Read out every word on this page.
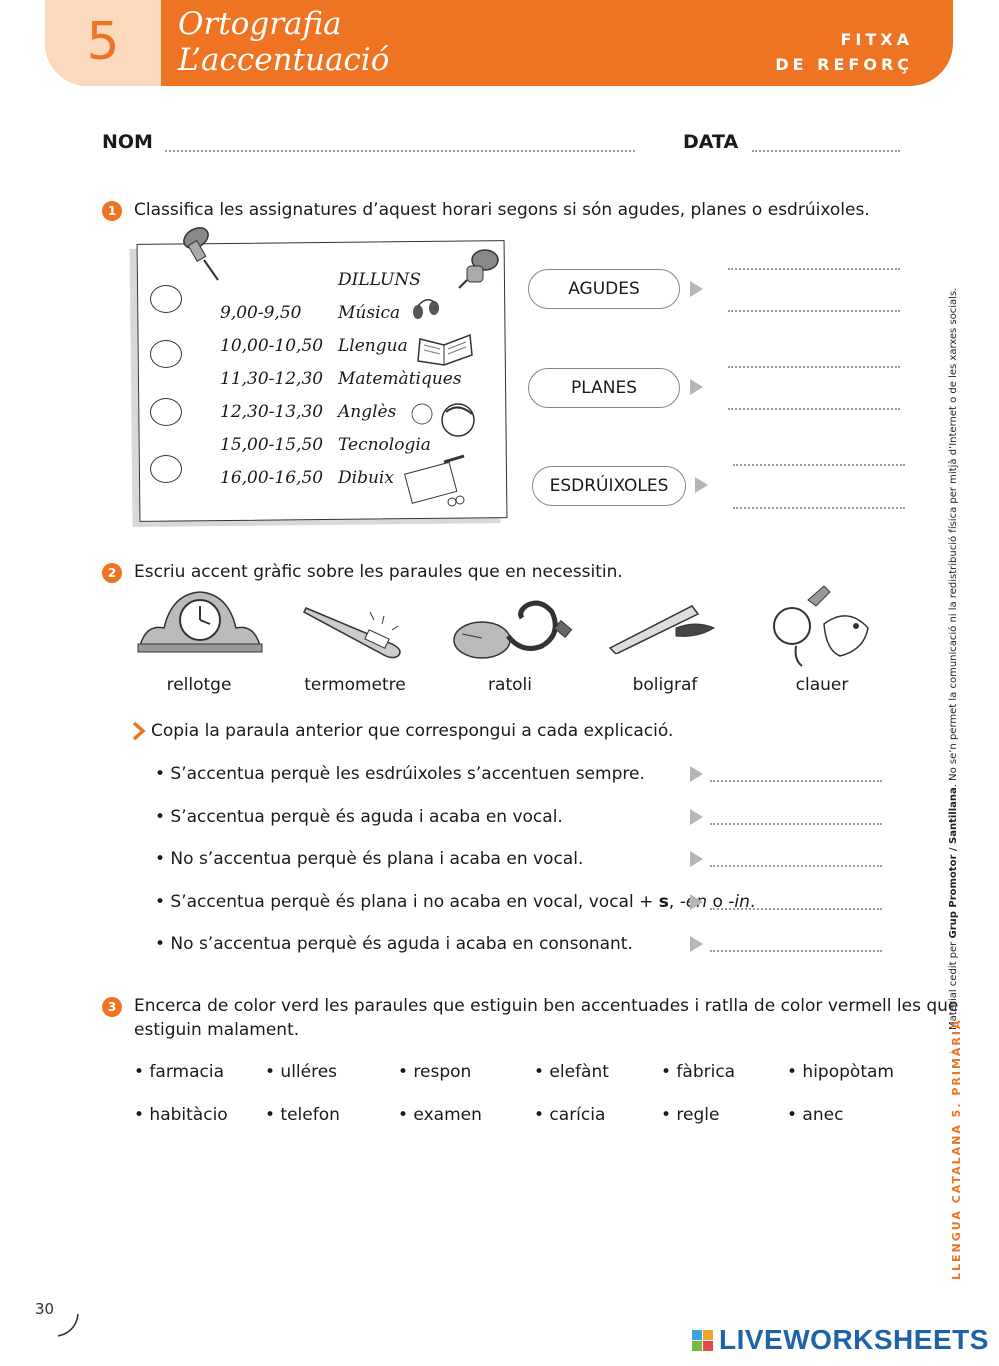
5	Ortografia
L’accentuació
FITXA
DE REFORÇ
NOM	DATA
1	Classifica les assignatures d’aquest horari segons si són agudes, planes o esdrúixoles.
DILLUNS
9,00-9,50 Música
10,00-10,50 Llengua
11,30-12,30 Matemàtiques
12,30-13,30 Anglès
15,00-15,50 Tecnologia
16,00-16,50 Dibuix
AGUDES
PLANES
ESDRÚIXOLES
2	Escriu accent gràfic sobre les paraules que en necessitin.
rellotge	termometre	ratoli	boligraf	clauer
Copia la paraula anterior que correspongui a cada explicació.
• S’accentua perquè les esdrúixoles s’accentuen sempre.
• S’accentua perquè és aguda i acaba en vocal.
• No s’accentua perquè és plana i acaba en vocal.
• S’accentua perquè és plana i no acaba en vocal, vocal + s, -en o -in.
• No s’accentua perquè és aguda i acaba en consonant.
3	Encerca de color verd les paraules que estiguin ben accentuades i ratlla de color vermell les que
estiguin malament.
• farmacia • ulléres	• respon	• elefànt	• fàbrica	• hipopòtam
• habitàcio • telefon	• examen	• carícia	• regle	• anec
Material cedit per Grup Promotor / Santillana. No se’n permet la comunicació ni la redistribució física per mitjà d’Internet o de les xarxes socials.
LLENGUA CATALANA 5. PRIMÀRIA
30
LIVEWORKSHEETS
